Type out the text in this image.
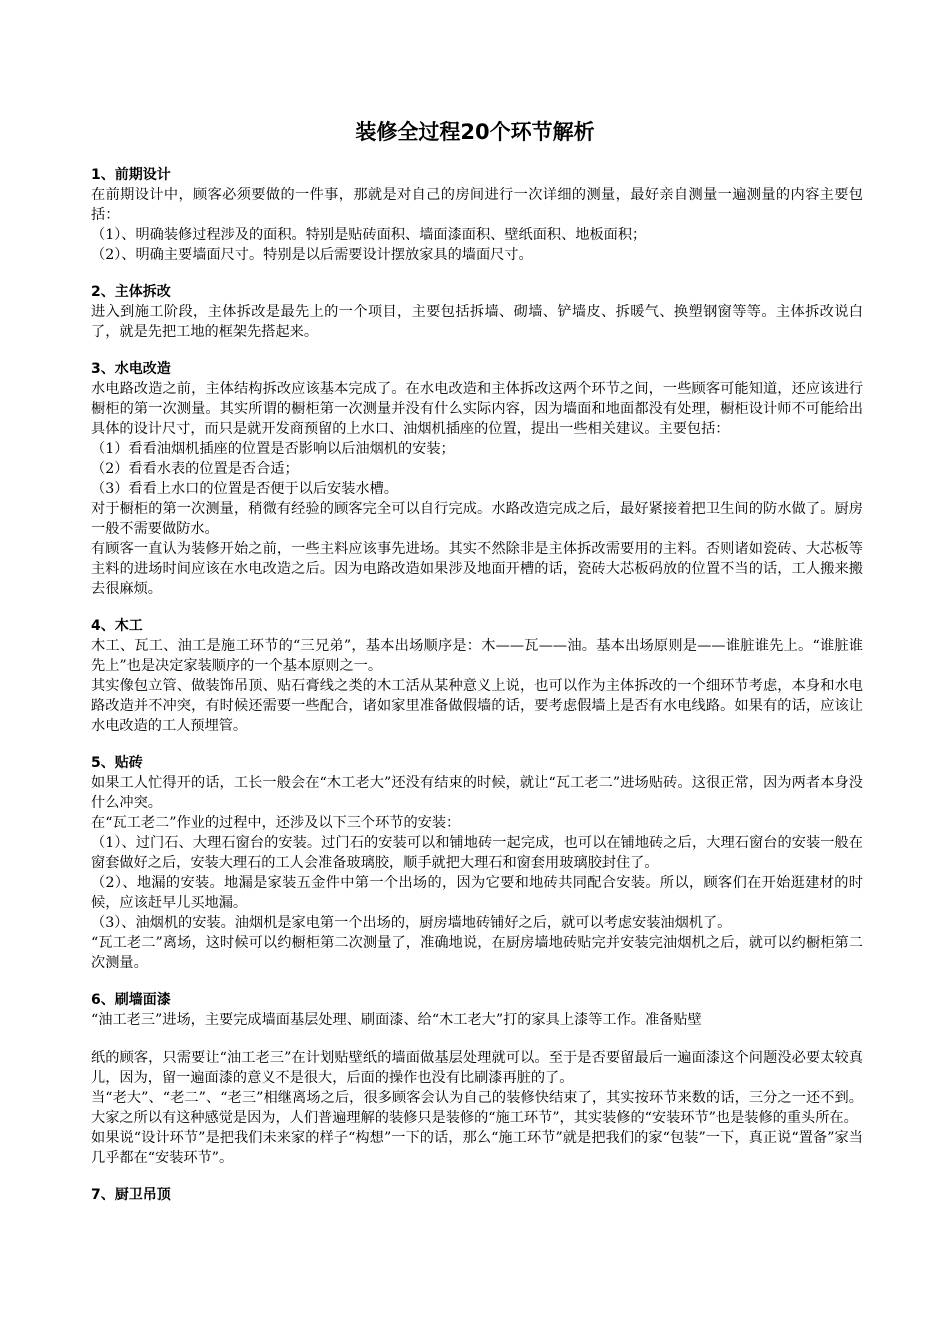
装修全过程20个环节解析
1、前期设计

在前期设计中，顾客必须要做的一件事，那就是对自己的房间进行一次详细的测量，最好亲自测量一遍测量的内容主要包括：

（1）、明确装修过程涉及的面积。特别是贴砖面积、墙面漆面积、壁纸面积、地板面积；

（2）、明确主要墙面尺寸。特别是以后需要设计摆放家具的墙面尺寸。

2、主体拆改

进入到施工阶段，主体拆改是最先上的一个项目，主要包括拆墙、砌墙、铲墙皮、拆暖气、换塑钢窗等等。主体拆改说白了，就是先把工地的框架先搭起来。

3、水电改造

水电路改造之前，主体结构拆改应该基本完成了。在水电改造和主体拆改这两个环节之间，一些顾客可能知道，还应该进行橱柜的第一次测量。其实所谓的橱柜第一次测量并没有什么实际内容，因为墙面和地面都没有处理，橱柜设计师不可能给出具体的设计尺寸，而只是就开发商预留的上水口、油烟机插座的位置，提出一些相关建议。主要包括：

（1）看看油烟机插座的位置是否影响以后油烟机的安装；

（2）看看水表的位置是否合适；

（3）看看上水口的位置是否便于以后安装水槽。

对于橱柜的第一次测量，稍微有经验的顾客完全可以自行完成。水路改造完成之后，最好紧接着把卫生间的防水做了。厨房一般不需要做防水。

有顾客一直认为装修开始之前，一些主料应该事先进场。其实不然除非是主体拆改需要用的主料。否则诸如瓷砖、大芯板等主料的进场时间应该在水电改造之后。因为电路改造如果涉及地面开槽的话，瓷砖大芯板码放的位置不当的话，工人搬来搬去很麻烦。

4、木工

木工、瓦工、油工是施工环节的“三兄弟”，基本出场顺序是：木——瓦——油。基本出场原则是——谁脏谁先上。“谁脏谁先上”也是决定家装顺序的一个基本原则之一。

其实像包立管、做装饰吊顶、贴石膏线之类的木工活从某种意义上说，也可以作为主体拆改的一个细环节考虑，本身和水电路改造并不冲突，有时候还需要一些配合，诸如家里准备做假墙的话，要考虑假墙上是否有水电线路。如果有的话，应该让水电改造的工人预埋管。

5、贴砖

如果工人忙得开的话，工长一般会在“木工老大”还没有结束的时候，就让“瓦工老二”进场贴砖。这很正常，因为两者本身没什么冲突。

在“瓦工老二”作业的过程中，还涉及以下三个环节的安装：

（1）、过门石、大理石窗台的安装。过门石的安装可以和铺地砖一起完成，也可以在铺地砖之后，大理石窗台的安装一般在窗套做好之后，安装大理石的工人会准备玻璃胶，顺手就把大理石和窗套用玻璃胶封住了。

（2）、地漏的安装。地漏是家装五金件中第一个出场的，因为它要和地砖共同配合安装。所以，顾客们在开始逛建材的时候，应该赶早儿买地漏。

（3）、油烟机的安装。油烟机是家电第一个出场的，厨房墙地砖铺好之后，就可以考虑安装油烟机了。

“瓦工老二”离场，这时候可以约橱柜第二次测量了，准确地说，在厨房墙地砖贴完并安装完油烟机之后，就可以约橱柜第二次测量。

6、刷墙面漆

“油工老三”进场，主要完成墙面基层处理、刷面漆、给“木工老大”打的家具上漆等工作。准备贴壁

纸的顾客，只需要让“油工老三”在计划贴壁纸的墙面做基层处理就可以。至于是否要留最后一遍面漆这个问题没必要太较真儿，因为，留一遍面漆的意义不是很大，后面的操作也没有比刷漆再脏的了。

当“老大”、“老二”、“老三”相继离场之后，很多顾客会认为自己的装修快结束了，其实按环节来数的话，三分之一还不到。大家之所以有这种感觉是因为，人们普遍理解的装修只是装修的“施工环节”，其实装修的“安装环节”也是装修的重头所在。

如果说“设计环节”是把我们未来家的样子“构想”一下的话，那么“施工环节”就是把我们的家“包装”一下，真正说“置备”家当几乎都在“安装环节”。

7、厨卫吊顶
